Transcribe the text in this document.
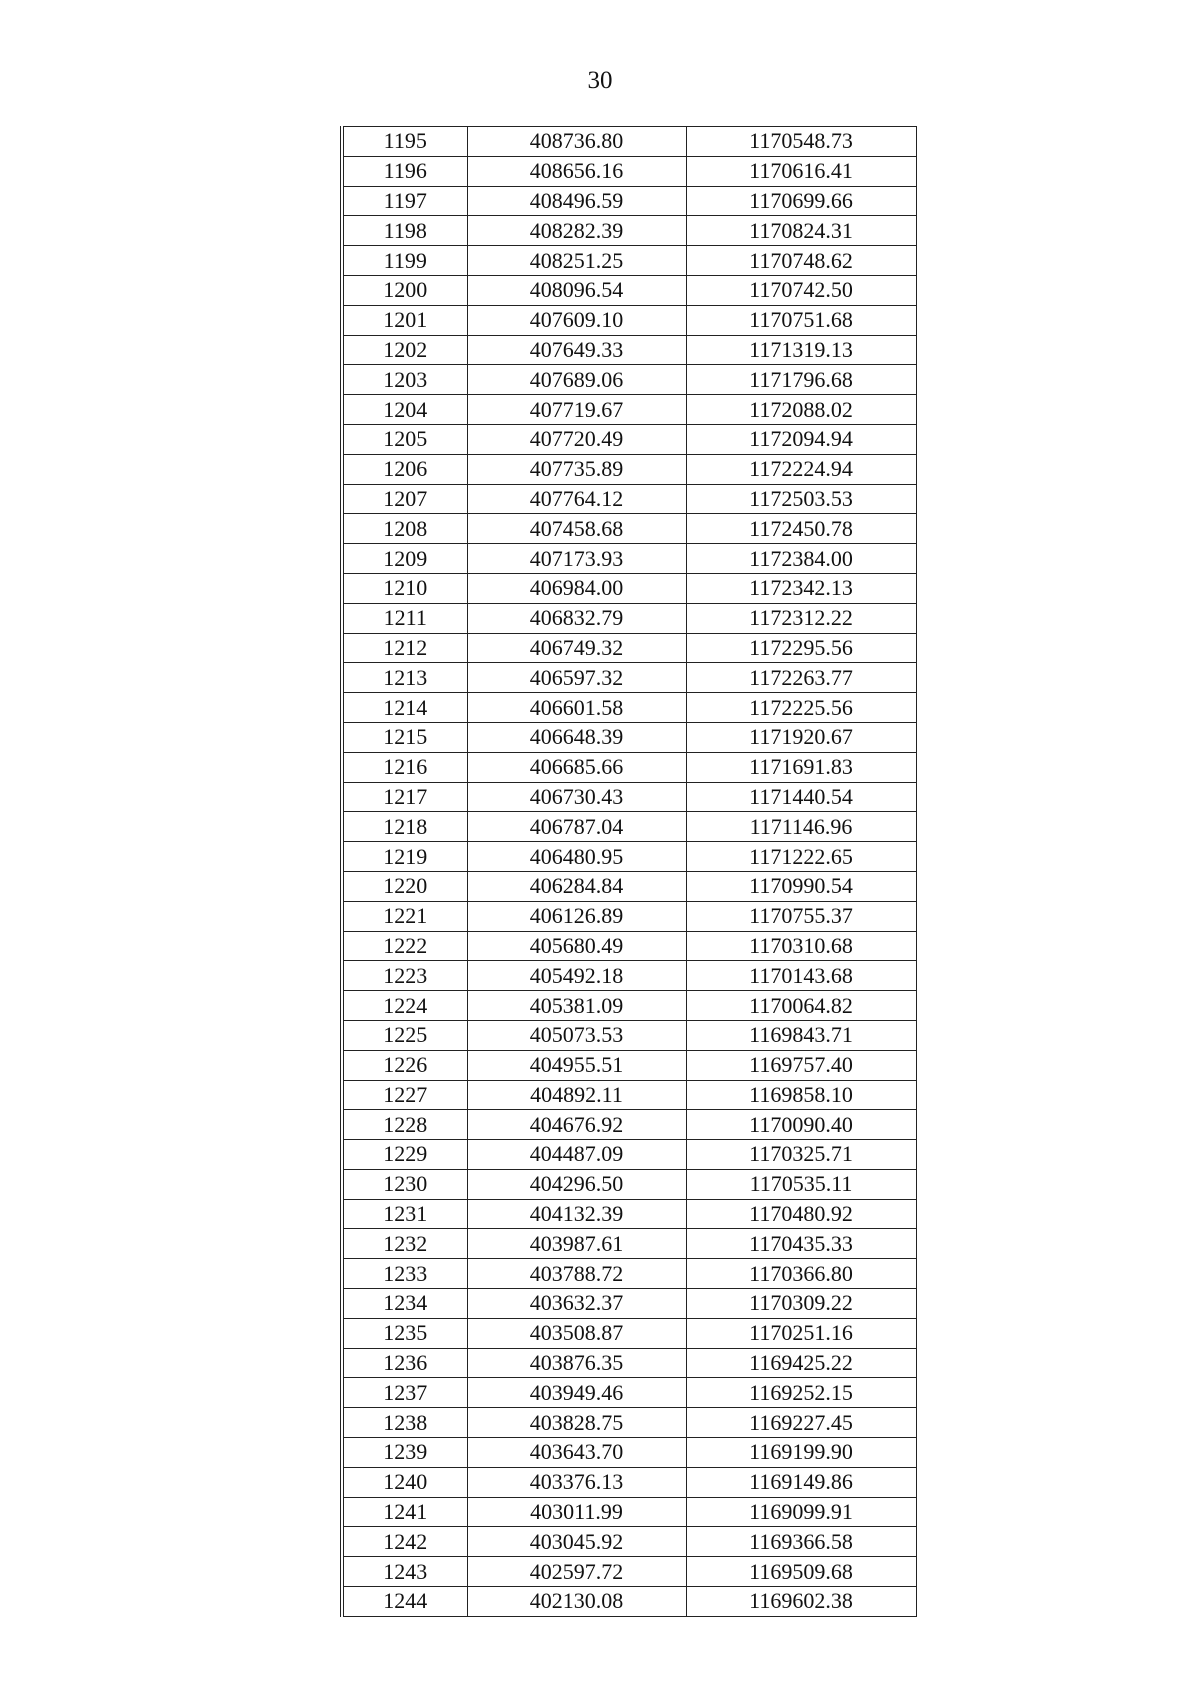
30
1195	408736.80	1170548.73
1196	408656.16	1170616.41
1197	408496.59	1170699.66
1198	408282.39	1170824.31
1199	408251.25	1170748.62
1200	408096.54	1170742.50
1201	407609.10	1170751.68
1202	407649.33	1171319.13
1203	407689.06	1171796.68
1204	407719.67	1172088.02
1205	407720.49	1172094.94
1206	407735.89	1172224.94
1207	407764.12	1172503.53
1208	407458.68	1172450.78
1209	407173.93	1172384.00
1210	406984.00	1172342.13
1211	406832.79	1172312.22
1212	406749.32	1172295.56
1213	406597.32	1172263.77
1214	406601.58	1172225.56
1215	406648.39	1171920.67
1216	406685.66	1171691.83
1217	406730.43	1171440.54
1218	406787.04	1171146.96
1219	406480.95	1171222.65
1220	406284.84	1170990.54
1221	406126.89	1170755.37
1222	405680.49	1170310.68
1223	405492.18	1170143.68
1224	405381.09	1170064.82
1225	405073.53	1169843.71
1226	404955.51	1169757.40
1227	404892.11	1169858.10
1228	404676.92	1170090.40
1229	404487.09	1170325.71
1230	404296.50	1170535.11
1231	404132.39	1170480.92
1232	403987.61	1170435.33
1233	403788.72	1170366.80
1234	403632.37	1170309.22
1235	403508.87	1170251.16
1236	403876.35	1169425.22
1237	403949.46	1169252.15
1238	403828.75	1169227.45
1239	403643.70	1169199.90
1240	403376.13	1169149.86
1241	403011.99	1169099.91
1242	403045.92	1169366.58
1243	402597.72	1169509.68
1244	402130.08	1169602.38
